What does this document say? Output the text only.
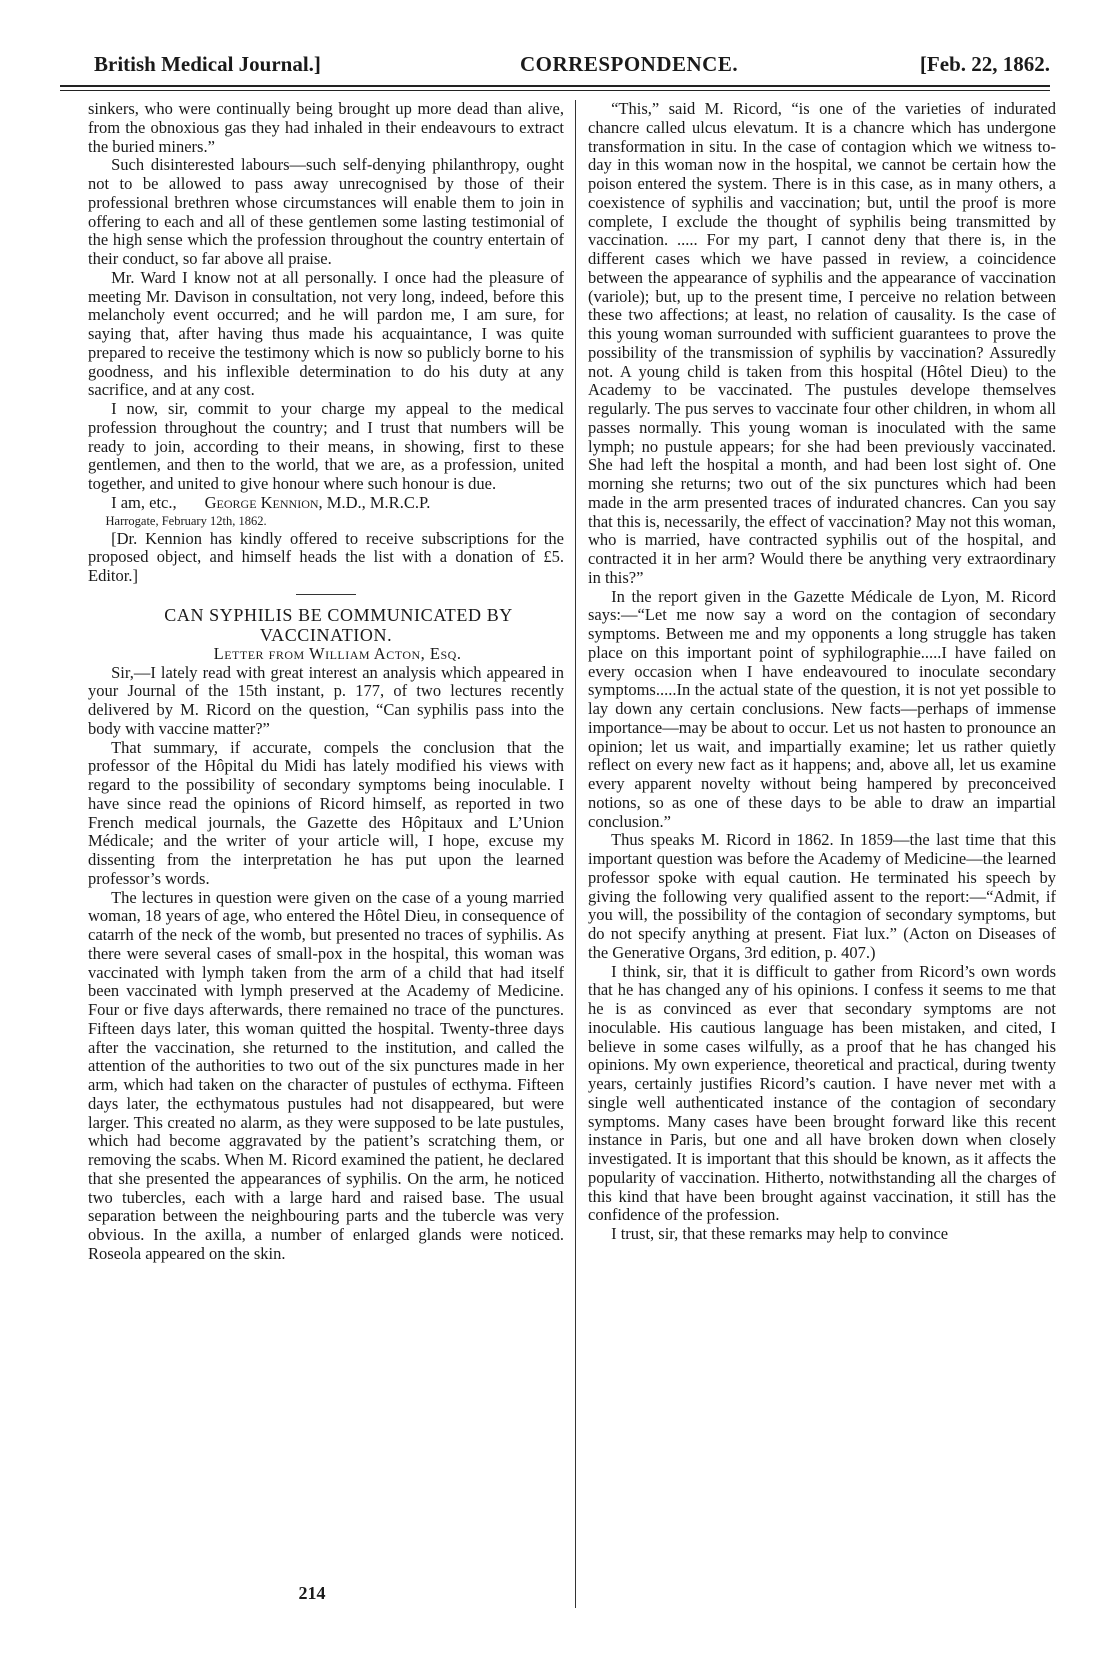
British Medical Journal.]	CORRESPONDENCE.	[Feb. 22, 1862.

sinkers, who were continually being brought up more dead than alive, from the obnoxious gas they had inhaled in their endeavours to extract the buried miners.”

Such disinterested labours—such self-denying philanthropy, ought not to be allowed to pass away unrecognised by those of their professional brethren whose circumstances will enable them to join in offering to each and all of these gentlemen some lasting testimonial of the high sense which the profession throughout the country entertain of their conduct, so far above all praise.

Mr. Ward I know not at all personally. I once had the pleasure of meeting Mr. Davison in consultation, not very long, indeed, before this melancholy event occurred; and he will pardon me, I am sure, for saying that, after having thus made his acquaintance, I was quite prepared to receive the testimony which is now so publicly borne to his goodness, and his inflexible determination to do his duty at any sacrifice, and at any cost.

I now, sir, commit to your charge my appeal to the medical profession throughout the country; and I trust that numbers will be ready to join, according to their means, in showing, first to these gentlemen, and then to the world, that we are, as a profession, united together, and united to give honour where such honour is due.

I am, etc., George Kennion, M.D., M.R.C.P.

Harrogate, February 12th, 1862.

[Dr. Kennion has kindly offered to receive subscriptions for the proposed object, and himself heads the list with a donation of £5. Editor.]

CAN SYPHILIS BE COMMUNICATED BY VACCINATION.

Letter from William Acton, Esq.

Sir,—I lately read with great interest an analysis which appeared in your Journal of the 15th instant, p. 177, of two lectures recently delivered by M. Ricord on the question, “Can syphilis pass into the body with vaccine matter?”

That summary, if accurate, compels the conclusion that the professor of the Hôpital du Midi has lately modified his views with regard to the possibility of secondary symptoms being inoculable. I have since read the opinions of Ricord himself, as reported in two French medical journals, the Gazette des Hôpitaux and L’Union Médicale; and the writer of your article will, I hope, excuse my dissenting from the interpretation he has put upon the learned professor’s words.

The lectures in question were given on the case of a young married woman, 18 years of age, who entered the Hôtel Dieu, in consequence of catarrh of the neck of the womb, but presented no traces of syphilis. As there were several cases of small-pox in the hospital, this woman was vaccinated with lymph taken from the arm of a child that had itself been vaccinated with lymph preserved at the Academy of Medicine. Four or five days afterwards, there remained no trace of the punctures. Fifteen days later, this woman quitted the hospital. Twenty-three days after the vaccination, she returned to the institution, and called the attention of the authorities to two out of the six punctures made in her arm, which had taken on the character of pustules of ecthyma. Fifteen days later, the ecthymatous pustules had not disappeared, but were larger. This created no alarm, as they were supposed to be late pustules, which had become aggravated by the patient’s scratching them, or removing the scabs. When M. Ricord examined the patient, he declared that she presented the appearances of syphilis. On the arm, he noticed two tubercles, each with a large hard and raised base. The usual separation between the neighbouring parts and the tubercle was very obvious. In the axilla, a number of enlarged glands were noticed. Roseola appeared on the skin.

“This,” said M. Ricord, “is one of the varieties of indurated chancre called ulcus elevatum. It is a chancre which has undergone transformation in situ. In the case of contagion which we witness to-day in this woman now in the hospital, we cannot be certain how the poison entered the system. There is in this case, as in many others, a coexistence of syphilis and vaccination; but, until the proof is more complete, I exclude the thought of syphilis being transmitted by vaccination. ..... For my part, I cannot deny that there is, in the different cases which we have passed in review, a coincidence between the appearance of syphilis and the appearance of vaccination (variole); but, up to the present time, I perceive no relation between these two affections; at least, no relation of causality. Is the case of this young woman surrounded with sufficient guarantees to prove the possibility of the transmission of syphilis by vaccination? Assuredly not. A young child is taken from this hospital (Hôtel Dieu) to the Academy to be vaccinated. The pustules develope themselves regularly. The pus serves to vaccinate four other children, in whom all passes normally. This young woman is inoculated with the same lymph; no pustule appears; for she had been previously vaccinated. She had left the hospital a month, and had been lost sight of. One morning she returns; two out of the six punctures which had been made in the arm presented traces of indurated chancres. Can you say that this is, necessarily, the effect of vaccination? May not this woman, who is married, have contracted syphilis out of the hospital, and contracted it in her arm? Would there be anything very extraordinary in this?”

In the report given in the Gazette Médicale de Lyon, M. Ricord says:—“Let me now say a word on the contagion of secondary symptoms. Between me and my opponents a long struggle has taken place on this important point of syphilographie.....I have failed on every occasion when I have endeavoured to inoculate secondary symptoms.....In the actual state of the question, it is not yet possible to lay down any certain conclusions. New facts—perhaps of immense importance—may be about to occur. Let us not hasten to pronounce an opinion; let us wait, and impartially examine; let us rather quietly reflect on every new fact as it happens; and, above all, let us examine every apparent novelty without being hampered by preconceived notions, so as one of these days to be able to draw an impartial conclusion.”

Thus speaks M. Ricord in 1862. In 1859—the last time that this important question was before the Academy of Medicine—the learned professor spoke with equal caution. He terminated his speech by giving the following very qualified assent to the report:—“Admit, if you will, the possibility of the contagion of secondary symptoms, but do not specify anything at present. Fiat lux.” (Acton on Diseases of the Generative Organs, 3rd edition, p. 407.)

I think, sir, that it is difficult to gather from Ricord’s own words that he has changed any of his opinions. I confess it seems to me that he is as convinced as ever that secondary symptoms are not inoculable. His cautious language has been mistaken, and cited, I believe in some cases wilfully, as a proof that he has changed his opinions. My own experience, theoretical and practical, during twenty years, certainly justifies Ricord’s caution. I have never met with a single well authenticated instance of the contagion of secondary symptoms. Many cases have been brought forward like this recent instance in Paris, but one and all have broken down when closely investigated. It is important that this should be known, as it affects the popularity of vaccination. Hitherto, notwithstanding all the charges of this kind that have been brought against vaccination, it still has the confidence of the profession.

I trust, sir, that these remarks may help to convince

214
